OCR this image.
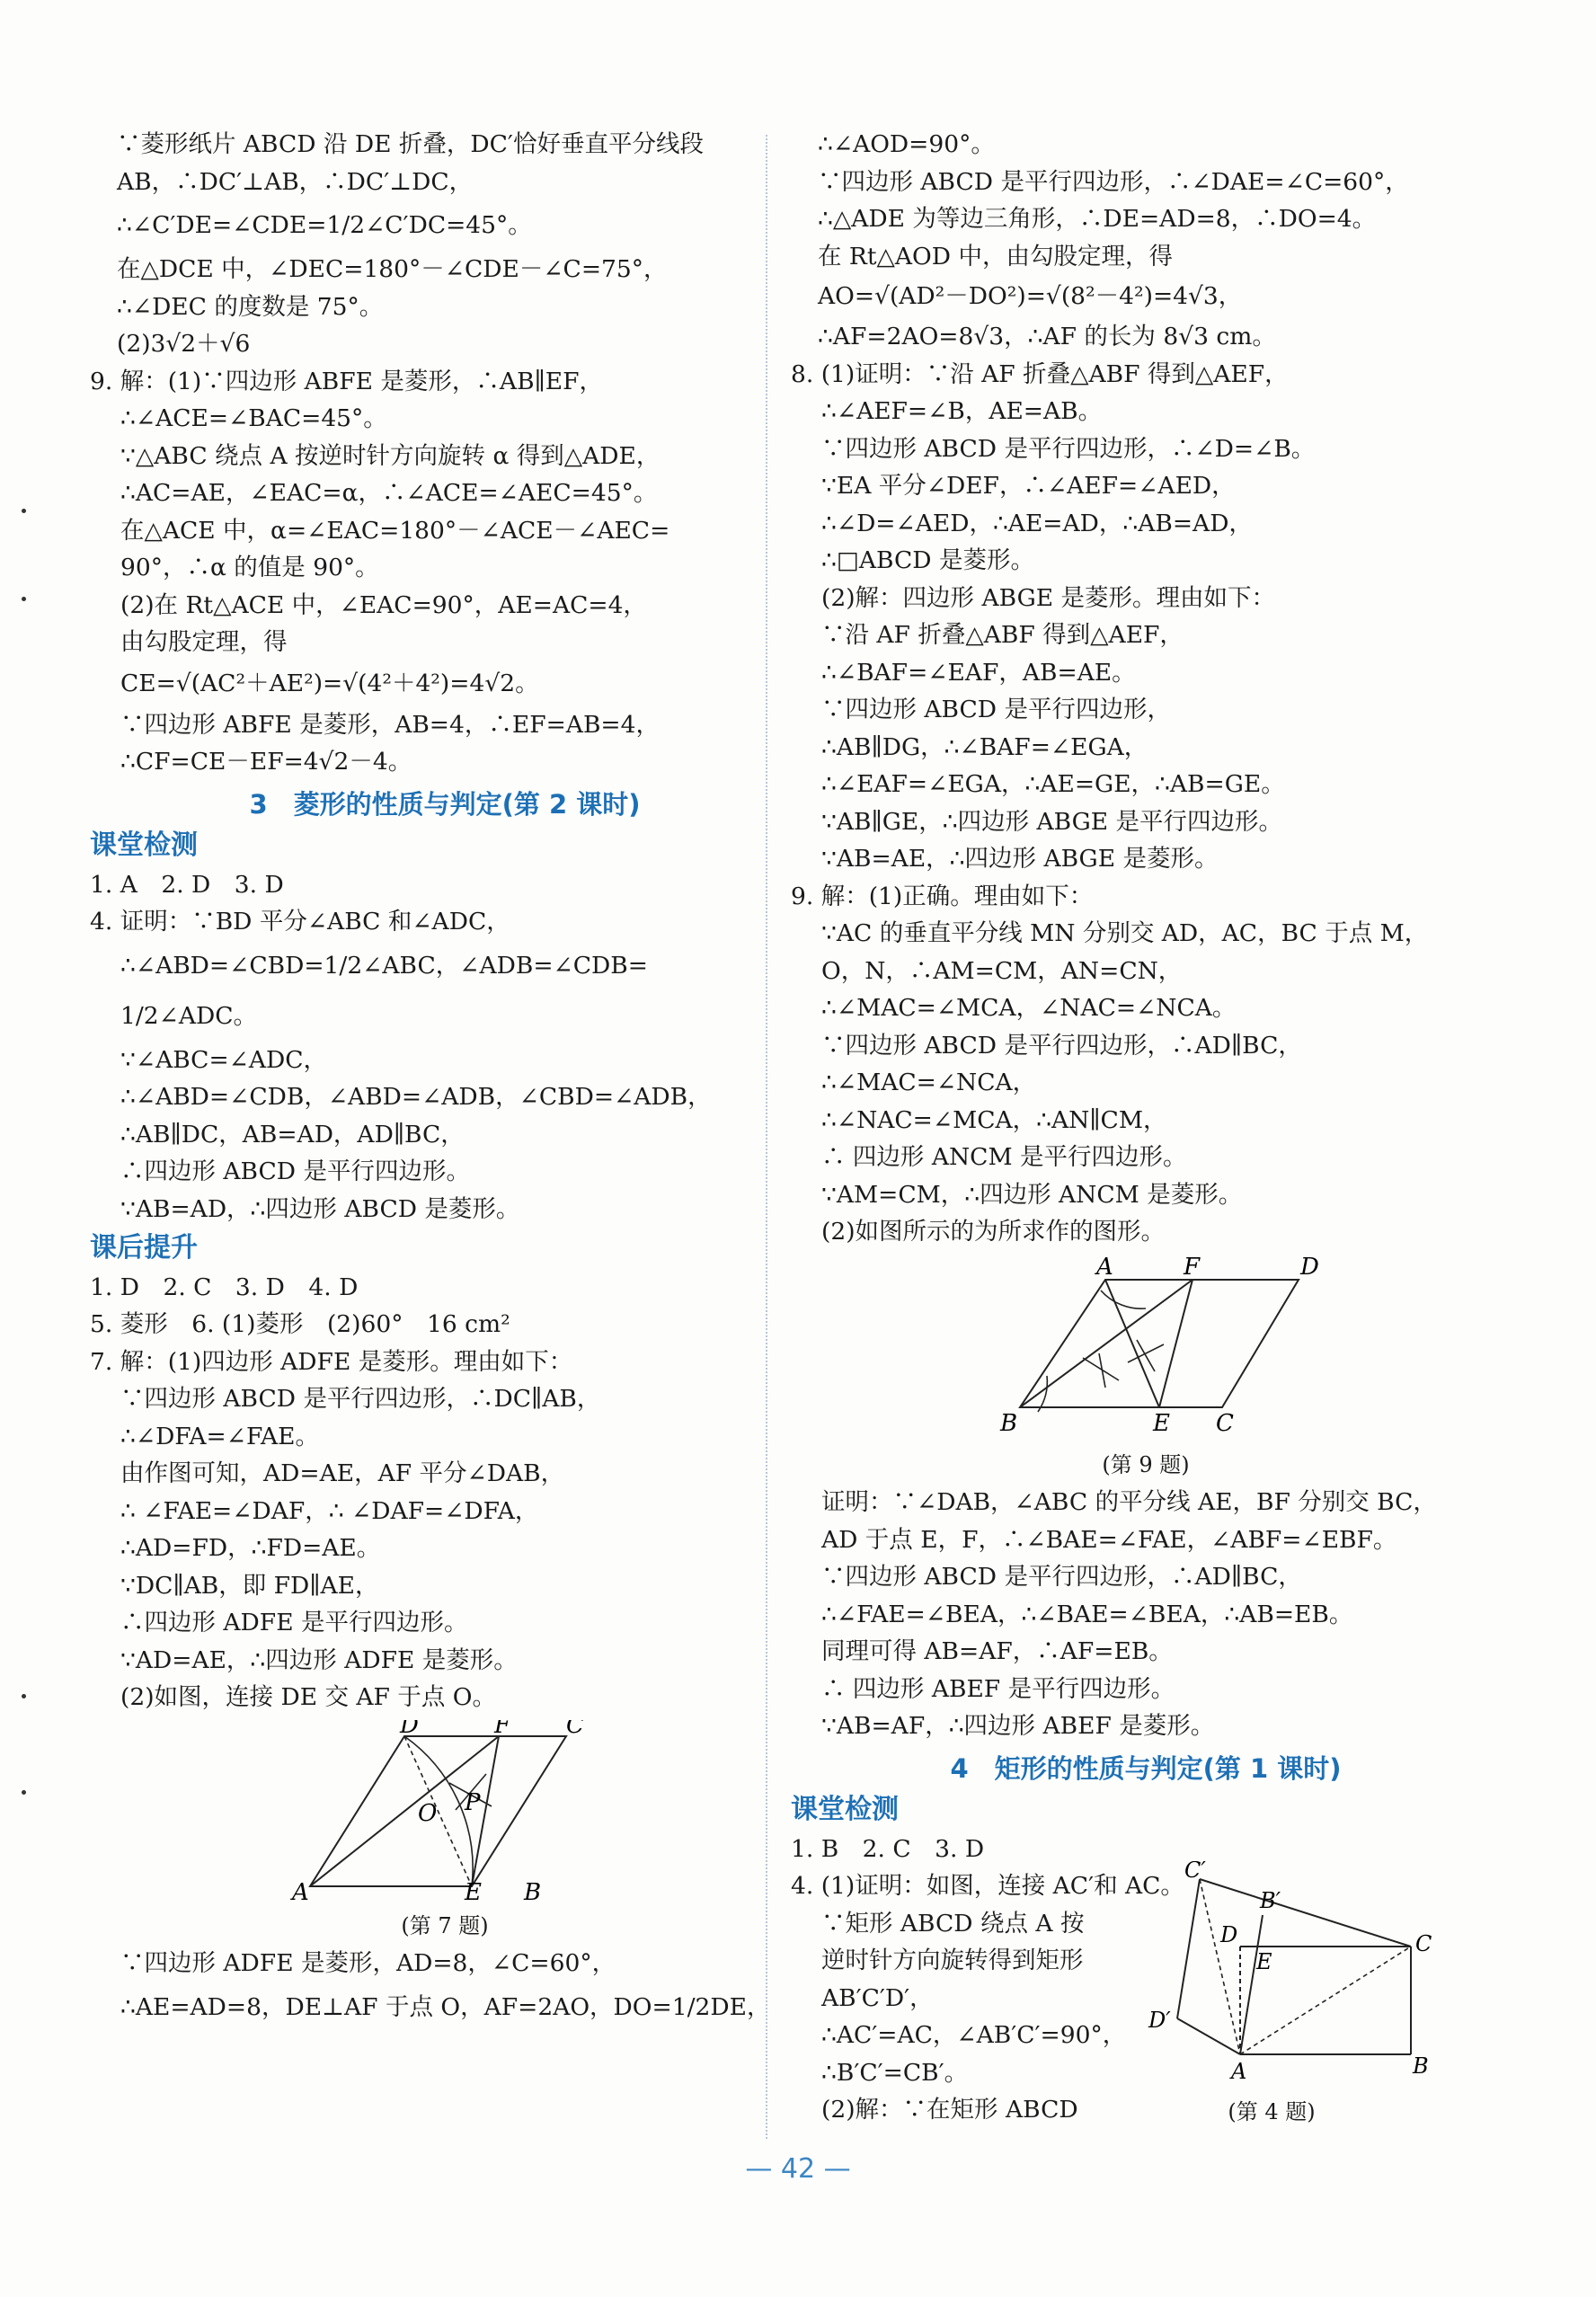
∵菱形纸片 ABCD 沿 DE 折叠，DC′恰好垂直平分线段
AB，∴DC′⊥AB，∴DC′⊥DC，
∴∠C′DE=∠CDE=1/2∠C′DC=45°。
在△DCE 中，∠DEC=180°－∠CDE－∠C=75°，
∴∠DEC 的度数是 75°。
(2)3√2＋√6
9. 解：(1)∵四边形 ABFE 是菱形，∴AB∥EF，
∴∠ACE=∠BAC=45°。
∵△ABC 绕点 A 按逆时针方向旋转 α 得到△ADE，
∴AC=AE，∠EAC=α，∴∠ACE=∠AEC=45°。
在△ACE 中，α=∠EAC=180°－∠ACE－∠AEC=
90°，∴α 的值是 90°。
(2)在 Rt△ACE 中，∠EAC=90°，AE=AC=4，
由勾股定理，得
CE=√(AC²＋AE²)=√(4²＋4²)=4√2。
∵四边形 ABFE 是菱形，AB=4，∴EF=AB=4，
∴CF=CE－EF=4√2－4。
3　菱形的性质与判定(第 2 课时)
课堂检测
1. A　2. D　3. D
4. 证明：∵BD 平分∠ABC 和∠ADC，
∴∠ABD=∠CBD=1/2∠ABC，∠ADB=∠CDB=
1/2∠ADC。
∵∠ABC=∠ADC，
∴∠ABD=∠CDB，∠ABD=∠ADB，∠CBD=∠ADB，
∴AB∥DC，AB=AD，AD∥BC，
∴四边形 ABCD 是平行四边形。
∵AB=AD，∴四边形 ABCD 是菱形。
课后提升
1. D　2. C　3. D　4. D
5. 菱形　6. (1)菱形　(2)60°　16 cm²
7. 解：(1)四边形 ADFE 是菱形。理由如下：
∵四边形 ABCD 是平行四边形，∴DC∥AB，
∴∠DFA=∠FAE。
由作图可知，AD=AE，AF 平分∠DAB，
∴ ∠FAE=∠DAF，∴ ∠DAF=∠DFA，
∴AD=FD，∴FD=AE。
∵DC∥AB，即 FD∥AE，
∴四边形 ADFE 是平行四边形。
∵AD=AE，∴四边形 ADFE 是菱形。
(2)如图，连接 DE 交 AF 于点 O。
D	F C
P
O
A	E B
(第 7 题)
∵四边形 ADFE 是菱形，AD=8，∠C=60°，
∴AE=AD=8，DE⊥AF 于点 O，AF=2AO，DO=1/2DE，
∴∠AOD=90°。
∵四边形 ABCD 是平行四边形，∴∠DAE=∠C=60°，
∴△ADE 为等边三角形，∴DE=AD=8，∴DO=4。
在 Rt△AOD 中，由勾股定理，得
AO=√(AD²－DO²)=√(8²－4²)=4√3，
∴AF=2AO=8√3，∴AF 的长为 8√3 cm。
8. (1)证明：∵沿 AF 折叠△ABF 得到△AEF，
∴∠AEF=∠B，AE=AB。
∵四边形 ABCD 是平行四边形，∴∠D=∠B。
∵EA 平分∠DEF，∴∠AEF=∠AED，
∴∠D=∠AED，∴AE=AD，∴AB=AD，
∴□ABCD 是菱形。
(2)解：四边形 ABGE 是菱形。理由如下：
∵沿 AF 折叠△ABF 得到△AEF，
∴∠BAF=∠EAF，AB=AE。
∵四边形 ABCD 是平行四边形，
∴AB∥DG，∴∠BAF=∠EGA，
∴∠EAF=∠EGA，∴AE=GE，∴AB=GE。
∵AB∥GE，∴四边形 ABGE 是平行四边形。
∵AB=AE，∴四边形 ABGE 是菱形。
9. 解：(1)正确。理由如下：
∵AC 的垂直平分线 MN 分别交 AD，AC，BC 于点 M，
O，N，∴AM=CM，AN=CN，
∴∠MAC=∠MCA，∠NAC=∠NCA。
∵四边形 ABCD 是平行四边形，∴AD∥BC，
∴∠MAC=∠NCA，
∴∠NAC=∠MCA，∴AN∥CM，
∴ 四边形 ANCM 是平行四边形。
∵AM=CM，∴四边形 ANCM 是菱形。
(2)如图所示的为所求作的图形。
A	F	D
B	E C
(第 9 题)
证明：∵∠DAB，∠ABC 的平分线 AE，BF 分别交 BC，
AD 于点 E，F，∴∠BAE=∠FAE，∠ABF=∠EBF。
∵四边形 ABCD 是平行四边形，∴AD∥BC，
∴∠FAE=∠BEA，∴∠BAE=∠BEA，∴AB=EB。
同理可得 AB=AF，∴AF=EB。
∴ 四边形 ABEF 是平行四边形。
∵AB=AF，∴四边形 ABEF 是菱形。
4　矩形的性质与判定(第 1 课时)
课堂检测
1. B　2. C　3. D
4. (1)证明：如图，连接 AC′和 AC。
∵矩形 ABCD 绕点 A 按
逆时针方向旋转得到矩形
AB′C′D′，
∴AC′=AC，∠AB′C′=90°，
∴B′C′=CB′。
(2)解：∵在矩形 ABCD
C′
B′
D
E
C
D′
A	B
(第 4 题)
— 42 —
